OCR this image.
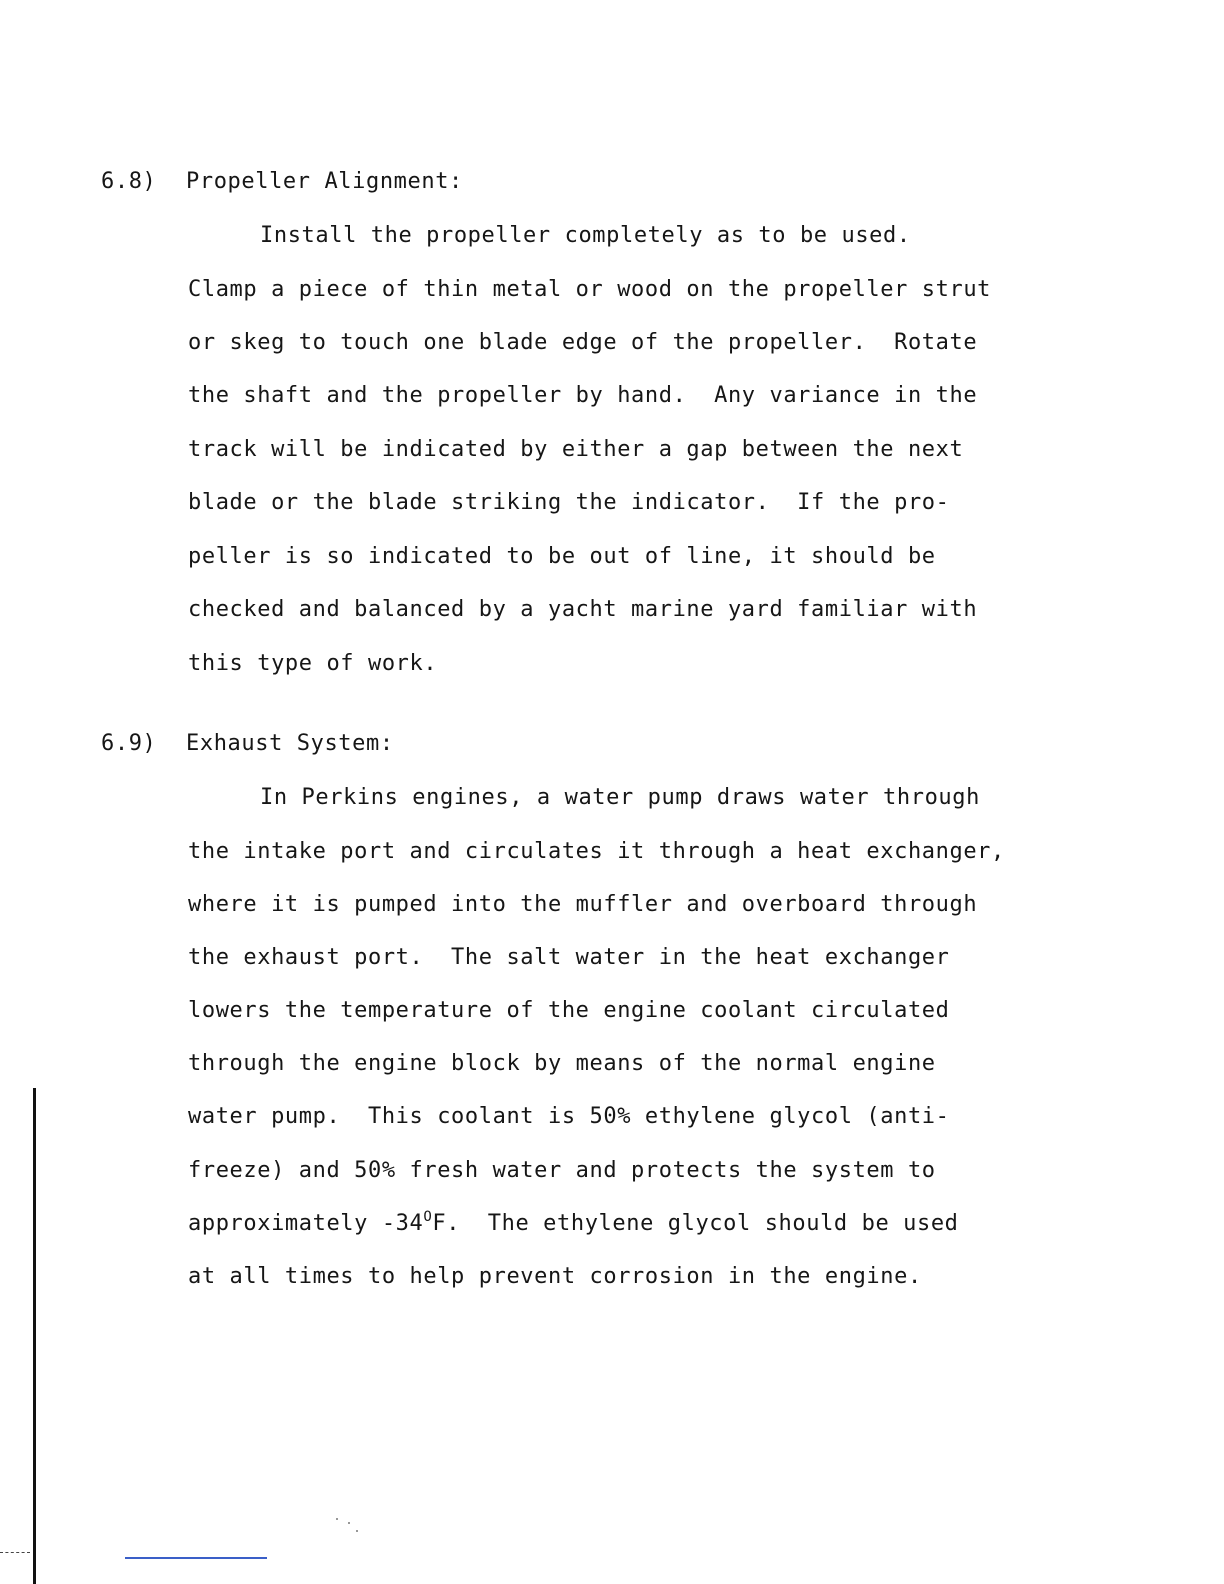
6.8) Propeller Alignment:
Install the propeller completely as to be used.
Clamp a piece of thin metal or wood on the propeller strut
or skeg to touch one blade edge of the propeller.  Rotate
the shaft and the propeller by hand.  Any variance in the
track will be indicated by either a gap between the next
blade or the blade striking the indicator.  If the pro-
peller is so indicated to be out of line, it should be
checked and balanced by a yacht marine yard familiar with
this type of work.
6.9) Exhaust System:
In Perkins engines, a water pump draws water through
the intake port and circulates it through a heat exchanger,
where it is pumped into the muffler and overboard through
the exhaust port.  The salt water in the heat exchanger
lowers the temperature of the engine coolant circulated
through the engine block by means of the normal engine
water pump.  This coolant is 50% ethylene glycol (anti-
freeze) and 50% fresh water and protects the system to
approximately $-34^OF$.  The ethylene glycol should be used
at all times to help prevent corrosion in the engine.
